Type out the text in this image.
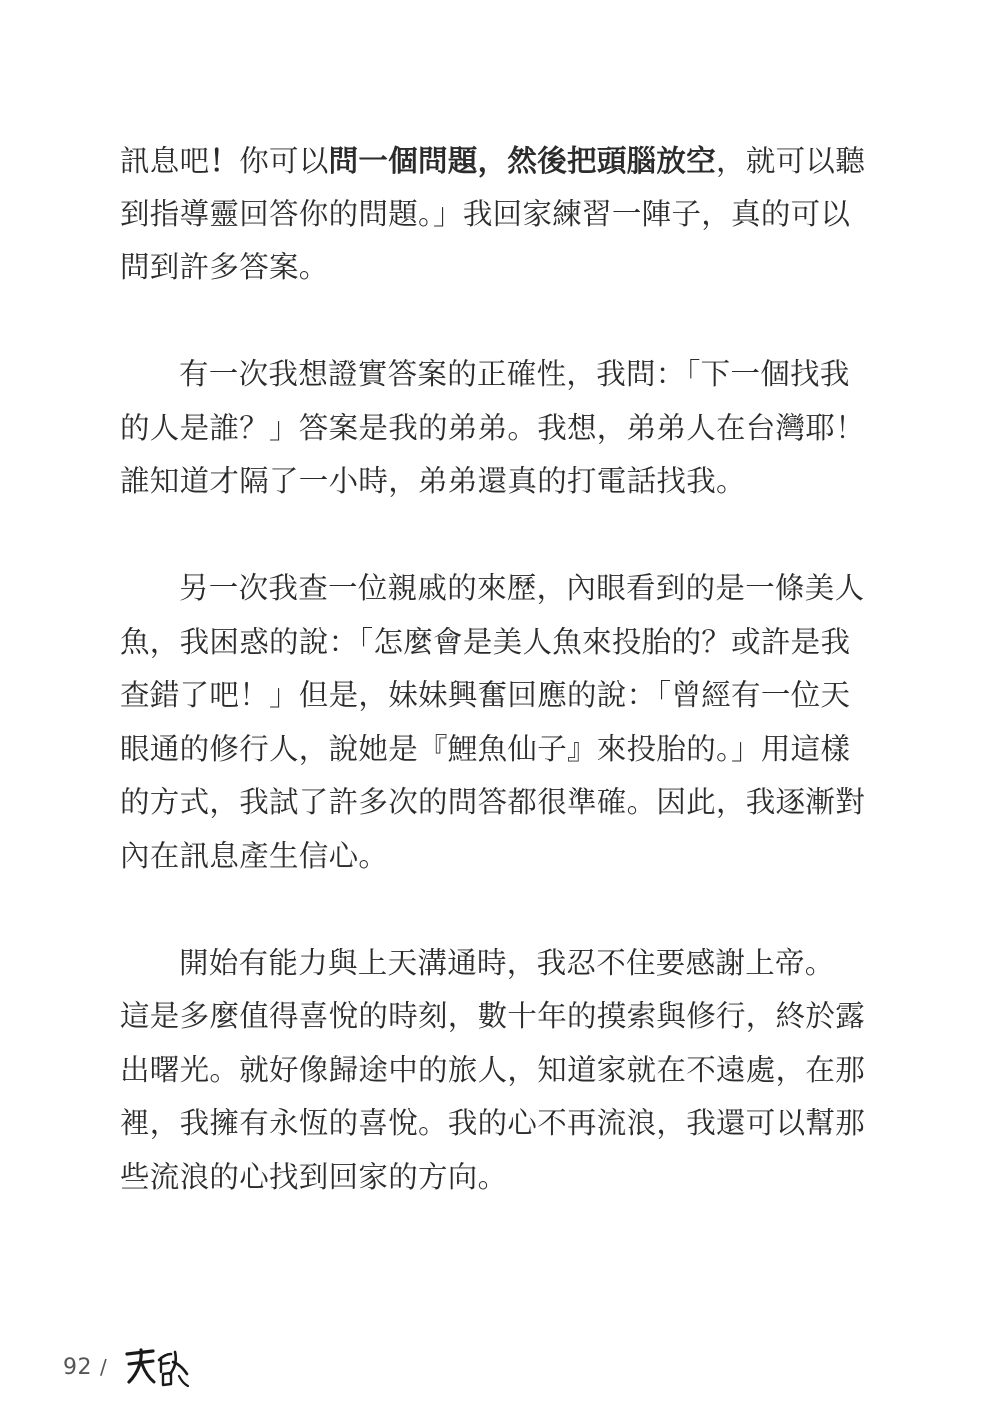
訊息吧！你可以問一個問題，然後把頭腦放空，就可以聽
到指導靈回答你的問題。」我回家練習一陣子，真的可以
問到許多答案。

有一次我想證實答案的正確性，我問：「下一個找我
的人是誰？」答案是我的弟弟。我想，弟弟人在台灣耶！
誰知道才隔了一小時，弟弟還真的打電話找我。

另一次我查一位親戚的來歷，內眼看到的是一條美人
魚，我困惑的說：「怎麼會是美人魚來投胎的？或許是我
查錯了吧！」但是，妹妹興奮回應的說：「曾經有一位天
眼通的修行人，說她是『鯉魚仙子』來投胎的。」用這樣
的方式，我試了許多次的問答都很準確。因此，我逐漸對
內在訊息產生信心。

開始有能力與上天溝通時，我忍不住要感謝上帝。
這是多麼值得喜悅的時刻，數十年的摸索與修行，終於露
出曙光。就好像歸途中的旅人，知道家就在不遠處，在那
裡，我擁有永恆的喜悅。我的心不再流浪，我還可以幫那
些流浪的心找到回家的方向。

92 /
